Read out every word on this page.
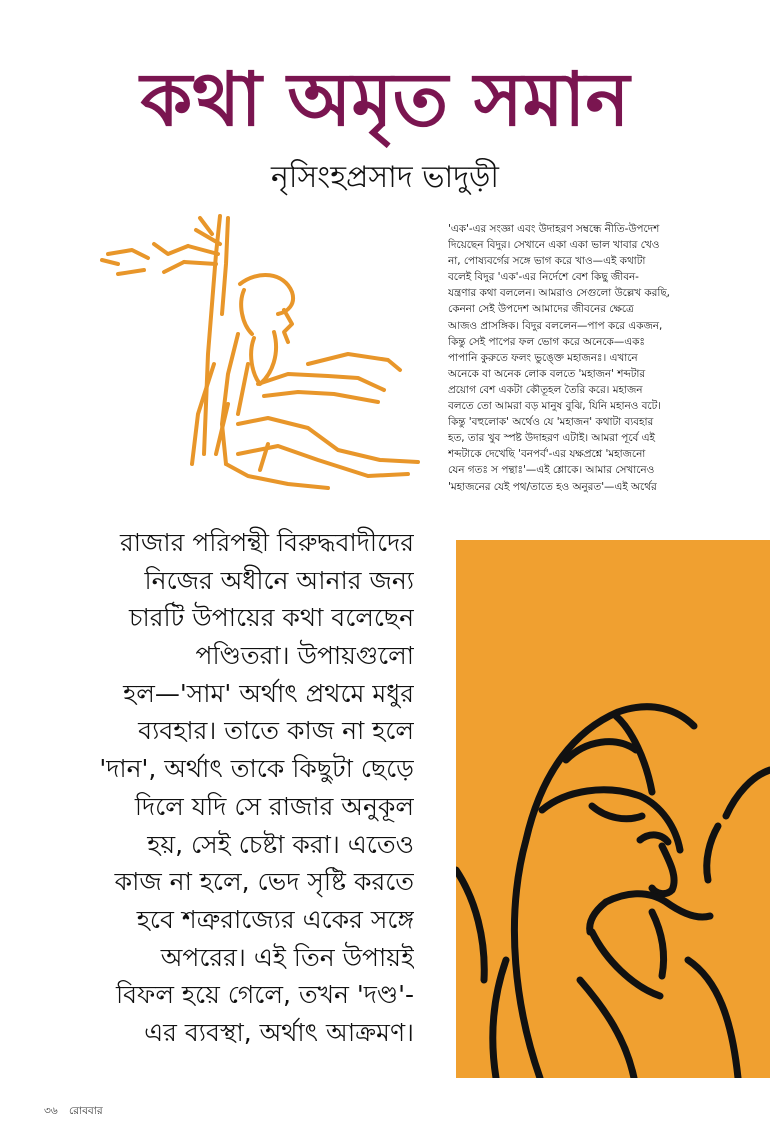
কথা অমৃত সমান
নৃসিংহপ্রসাদ ভাদুড়ী
'এক'-এর সংজ্ঞা এবং উদাহরণ সম্বন্ধে নীতি-উপদেশ
দিয়েছেন বিদুর। সেখানে একা একা ভাল খাবার খেও
না, পোষ্যবর্গের সঙ্গে ভাগ করে খাও—এই কথাটা
বলেই বিদুর 'এক'-এর নির্দেশে বেশ কিছু জীবন-
যন্ত্রণার কথা বললেন। আমরাও সেগুলো উল্লেখ করছি,
কেননা সেই উপদেশ আমাদের জীবনের ক্ষেত্রে
আজও প্রাসঙ্গিক। বিদুর বললেন—পাপ করে একজন,
কিন্তু সেই পাপের ফল ভোগ করে অনেকে—একঃ
পাপানি কুরুতে ফলং ভুঙ্ক্তে মহাজনঃ। এখানে
অনেকে বা অনেক লোক বলতে 'মহাজন' শব্দটার
প্রয়োগ বেশ একটা কৌতূহল তৈরি করে। মহাজন
বলতে তো আমরা বড় মানুষ বুঝি, যিনি মহানও বটে।
কিন্তু 'বহুলোক' অর্থেও যে 'মহাজন' কথাটা ব্যবহার
হত, তার খুব স্পষ্ট উদাহরণ এটাই। আমরা পূর্বে এই
শব্দটাকে দেখেছি 'বনপর্ব'-এর যক্ষপ্রশ্নে 'মহাজনো
যেন গতঃ স পন্থাঃ'—এই শ্লোকে। আমার সেখানেও
'মহাজনের যেই পথ/তাতে হও অনুরত'—এই অর্থের
রাজার পরিপন্থী বিরুদ্ধবাদীদের
নিজের অধীনে আনার জন্য
চারটি উপায়ের কথা বলেছেন
পণ্ডিতরা। উপায়গুলো
হল—'সাম' অর্থাৎ প্রথমে মধুর
ব্যবহার। তাতে কাজ না হলে
'দান', অর্থাৎ তাকে কিছুটা ছেড়ে
দিলে যদি সে রাজার অনুকূল
হয়, সেই চেষ্টা করা। এতেও
কাজ না হলে, ভেদ সৃষ্টি করতে
হবে শত্রুরাজ্যের একের সঙ্গে
অপরের। এই তিন উপায়ই
বিফল হয়ে গেলে, তখন 'দণ্ড'-
এর ব্যবস্থা, অর্থাৎ আক্রমণ।
৩৬ রোববার
